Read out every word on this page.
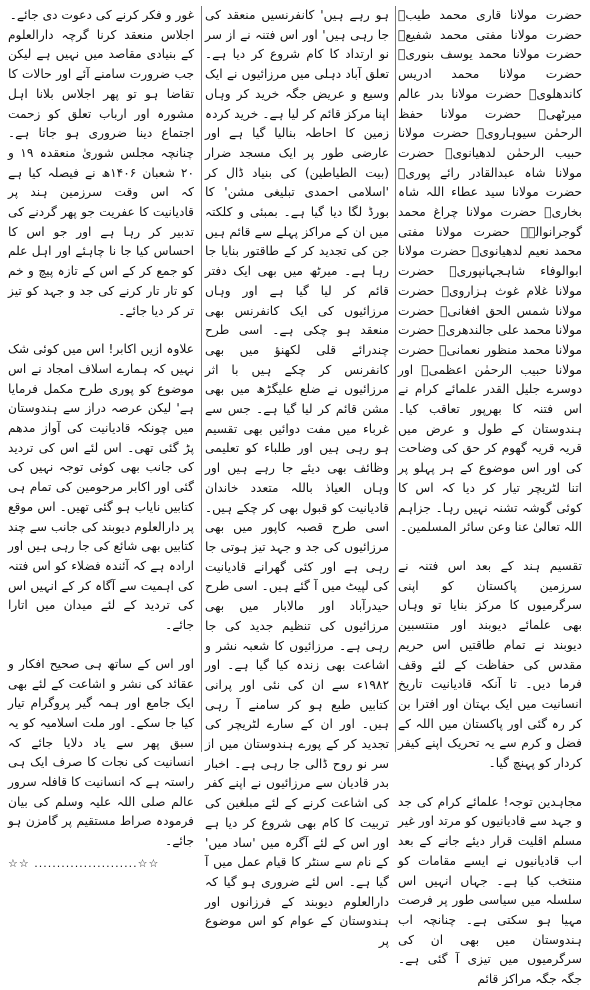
حضرت مولانا قاری محمد طیبؒ حضرت مولانا مفتی محمد شفیعؒ حضرت مولانا محمد یوسف بنوریؒ حضرت مولانا محمد ادریس کاندھلویؒ حضرت مولانا بدر عالم میرٹھیؒ حضرت مولانا حفظ الرحمٰن سیوہارویؒ حضرت مولانا حبیب الرحمٰن لدھیانویؒ حضرت مولانا شاہ عبدالقادر رائے پوریؒ حضرت مولانا سید عطاء اللہ شاہ بخاریؒ حضرت مولانا چراغ محمد گوجرانوالہؒ حضرت مولانا مفتی محمد نعیم لدھیانویؒ حضرت مولانا ابوالوفاء شاہجہانپوریؒ حضرت مولانا غلام غوث ہزارویؒ حضرت مولانا شمس الحق افغانیؒ حضرت مولانا محمد علی جالندھریؒ حضرت مولانا محمد منظور نعمانیؒ حضرت مولانا حبیب الرحمٰن اعظمیؒ اور دوسرے جلیل القدر علمائے کرام نے اس فتنہ کا بھرپور تعاقب کیا۔ ہندوستان کے طول و عرض میں قریہ قریہ گھوم کر حق کی وضاحت کی اور اس موضوع کے ہر پہلو پر اتنا لٹریچر تیار کر دیا کہ اس کا کوئی گوشہ تشنہ نہیں رہا۔ جزاہم اللہ تعالیٰ عنا وعن سائر المسلمین۔

تقسیم ہند کے بعد اس فتنہ نے سرزمین پاکستان کو اپنی سرگرمیوں کا مرکز بنایا تو وہاں بھی علمائے دیوبند اور منتسبین دیوبند نے تمام طاقتیں اس حریم مقدس کی حفاظت کے لئے وقف فرما دیں۔ تا آنکہ قادیانیت تاریخ انسانیت میں ایک بہتان اور افترا بن کر رہ گئی اور پاکستان میں اللہ کے فضل و کرم سے یہ تحریک اپنے کیفر کردار کو پہنچ گیا۔

مجاہدین توجہ! علمائے کرام کی جد و جہد سے قادیانیوں کو مرتد اور غیر مسلم اقلیت قرار دیئے جانے کے بعد اب قادیانیوں نے ایسے مقامات کو منتخب کیا ہے۔ جہاں انہیں اس سلسلہ میں سیاسی طور پر فرصت مہیا ہو سکتی ہے۔ چنانچہ اب ہندوستان میں بھی ان کی سرگرمیوں میں تیزی آ گئی ہے۔ جگہ جگہ مراکز قائم

ہو رہے ہیں' کانفرنسیں منعقد کی جا رہی ہیں' اور اس فتنہ نے از سر نو ارتداد کا کام شروع کر دیا ہے۔ تعلق آباد دہلی میں مرزائیوں نے ایک وسیع و عریض جگہ خرید کر وہاں اپنا مرکز قائم کر لیا ہے۔ خرید کردہ زمین کا احاطہ بنالیا گیا ہے اور عارضی طور پر ایک مسجد ضرار (بیت الطیاطین) کی بنیاد ڈال کر 'اسلامی احمدی تبلیغی مشن' کا بورڈ لگا دیا گیا ہے۔ بمبئی و کلکتہ میں ان کے مراکز پہلے سے قائم ہیں جن کی تجدید کر کے طاقتور بنایا جا رہا ہے۔ میرٹھ میں بھی ایک دفتر قائم کر لیا گیا ہے اور وہاں مرزائیوں کی ایک کانفرنس بھی منعقد ہو چکی ہے۔ اسی طرح چندرائے قلی لکھنؤ میں بھی کانفرنس کر چکے ہیں با اثر مرزائیوں نے ضلع علیگڑھ میں بھی مشن قائم کر لیا گیا ہے۔ جس سے غرباء میں مفت دوائیں بھی تقسیم ہو رہی ہیں اور طلباء کو تعلیمی وظائف بھی دیئے جا رہے ہیں اور وہاں العیاذ باللہ متعدد خاندان قادیانیت کو قبول بھی کر چکے ہیں۔ اسی طرح قصبہ کاپور میں بھی مرزائیوں کی جد و جہد تیز ہوتی جا رہی ہے اور کئی گھرانے قادیانیت کی لپیٹ میں آ گئے ہیں۔ اسی طرح حیدرآباد اور مالابار میں بھی مرزائیوں کی تنظیم جدید کی جا رہی ہے۔ مرزائیوں کا شعبہ نشر و اشاعت بھی زندہ کیا گیا ہے۔ اور ۱۹۸۲ء سے ان کی نئی اور پرانی کتابیں طبع ہو کر سامنے آ رہی ہیں۔ اور ان کے سارے لٹریچر کی تجدید کر کے پورے ہندوستان میں از سر نو روح ڈالی جا رہی ہے۔ اخبار بدر قادیان سے مرزائیوں نے اپنے کفر کی اشاعت کرنے کے لئے مبلغین کی تربیت کا کام بھی شروع کر دیا ہے اور اس کے لئے آگرہ میں 'ساد میں' کے نام سے سنٹر کا قیام عمل میں آ گیا ہے۔ اس لئے ضروری ہو گیا کہ دارالعلوم دیوبند کے فرزانوں اور ہندوستان کے عوام کو اس موضوع پر

غور و فکر کرنے کی دعوت دی جائے۔

اجلاس منعقد کرنا گرچہ دارالعلوم کے بنیادی مقاصد میں نہیں ہے لیکن جب ضرورت سامنے آئے اور حالات کا تقاضا ہو تو پھر اجلاس بلانا اہل مشورہ اور ارباب تعلق کو زحمت اجتماع دینا ضروری ہو جاتا ہے۔ چنانچہ مجلس شوریٰ منعقدہ ۱۹ و ۲۰ شعبان ۱۴۰۶ھ نے فیصلہ کیا ہے کہ اس وقت سرزمین ہند پر قادیانیت کا عفریت جو پھر گردنے کی تدبیر کر رہا ہے اور جو اس کا احساس کیا جا نا چاہئے اور اہل علم کو جمع کر کے اس کے تازہ پیچ و خم کو تار تار کرنے کی جد و جہد کو تیز تر کر دیا جائے۔

علاوہ ازیں اکابر! اس میں کوئی شک نہیں کہ ہمارے اسلاف امجاد نے اس موضوع کو پوری طرح مکمل فرمایا ہے' لیکن عرصہ دراز سے ہندوستان میں چونکہ قادیانیت کی آواز مدھم پڑ گئی تھی۔ اس لئے اس کی تردید کی جانب بھی کوئی توجہ نہیں کی گئی اور اکابر مرحومین کی تمام ہی کتابیں نایاب ہو گئی تھیں۔ اس موقع پر دارالعلوم دیوبند کی جانب سے چند کتابیں بھی شائع کی جا رہی ہیں اور ارادہ ہے کہ آئندہ فضلاء کو اس فتنہ کی اہمیت سے آگاہ کر کے انہیں اس کی تردید کے لئے میدان میں اتارا جائے۔

اور اس کے ساتھ ہی صحیح افکار و عقائد کی نشر و اشاعت کے لئے بھی ایک جامع اور ہمہ گیر پروگرام تیار کیا جا سکے۔ اور ملت اسلامیہ کو یہ سبق پھر سے یاد دلایا جائے کہ انسانیت کی نجات کا صرف ایک ہی راستہ ہے کہ انسانیت کا قافلہ سرور عالم صلی اللہ علیہ وسلم کی بیان فرمودہ صراط مستقیم پر گامزن ہو جائے۔

☆☆ .......................☆☆
